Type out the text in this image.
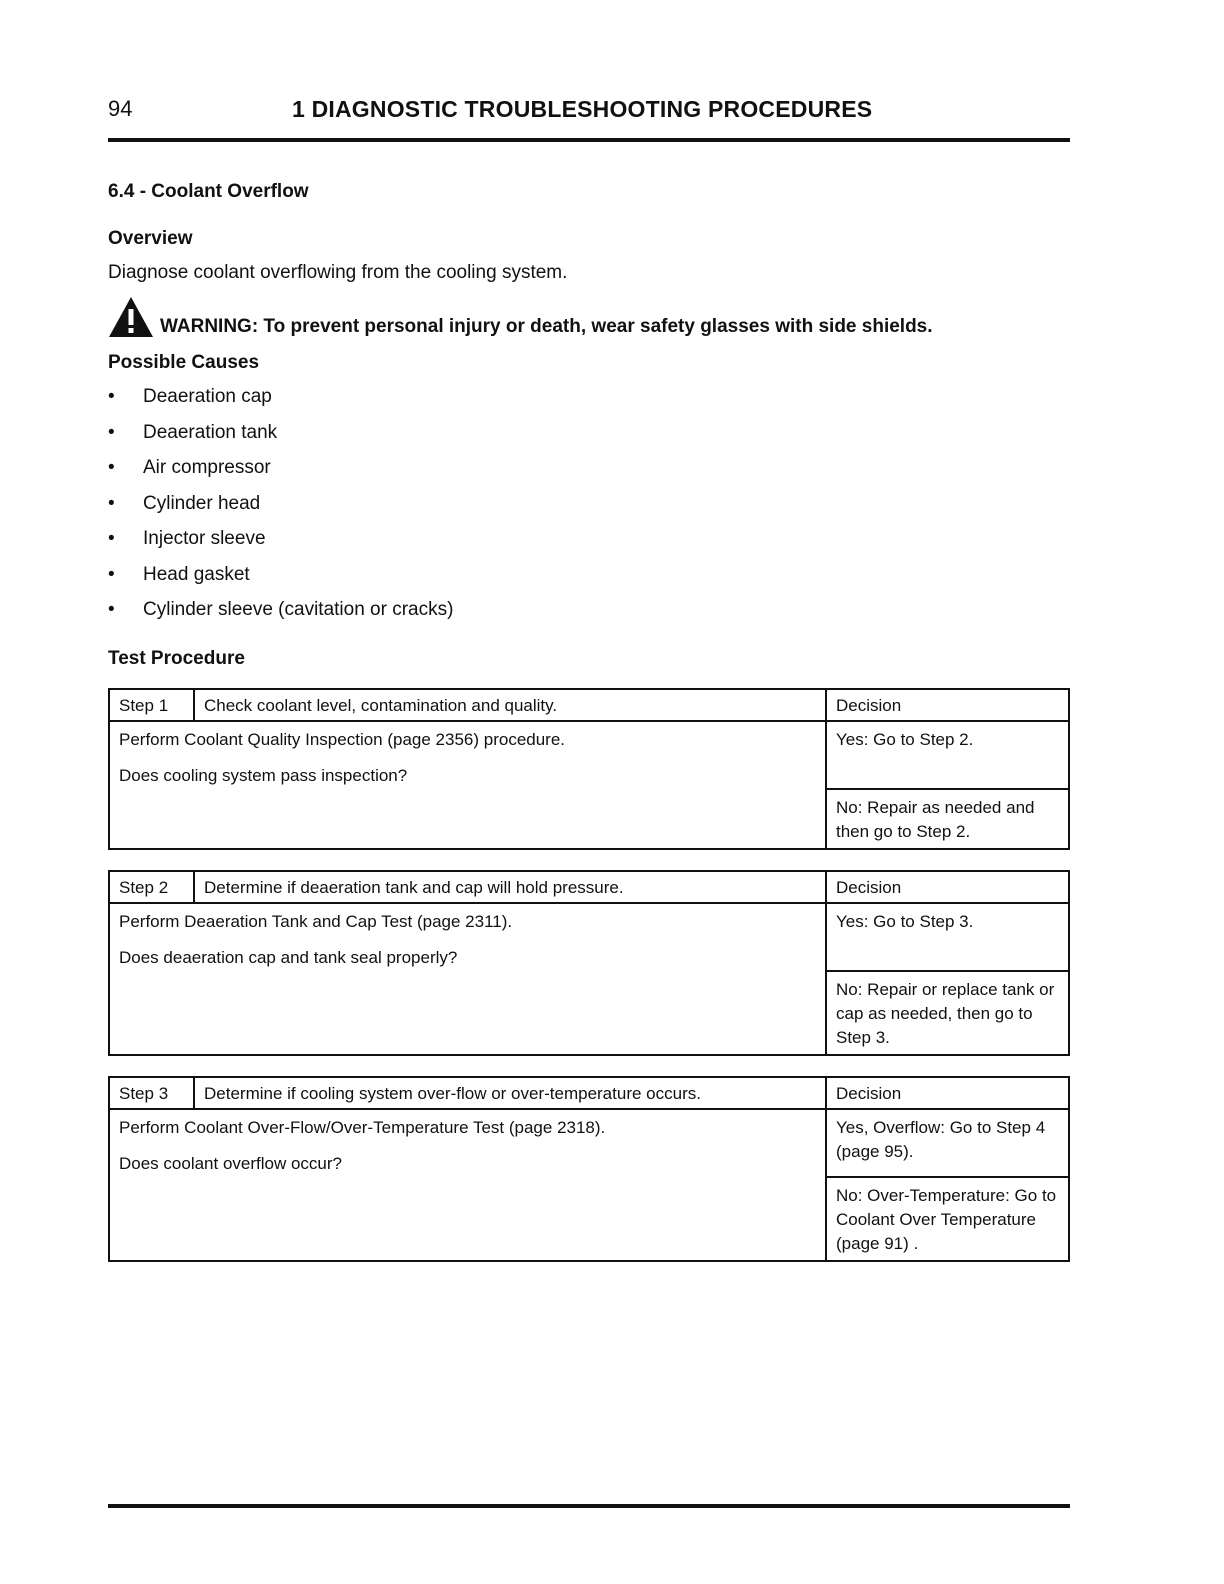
94	1 DIAGNOSTIC TROUBLESHOOTING PROCEDURES
6.4 - Coolant Overflow
Overview
Diagnose coolant overflowing from the cooling system.
WARNING: To prevent personal injury or death, wear safety glasses with side shields.
Possible Causes
• Deaeration cap
• Deaeration tank
• Air compressor
• Cylinder head
• Injector sleeve
• Head gasket
• Cylinder sleeve (cavitation or cracks)
Test Procedure
Step 1	Check coolant level, contamination and quality.	Decision

Perform Coolant Quality Inspection (page 2356) procedure.

Does cooling system pass inspection?		Yes: Go to Step 2.

		No: Repair as needed and then go to Step 2.
Step 2	Determine if deaeration tank and cap will hold pressure.	Decision

Perform Deaeration Tank and Cap Test (page 2311).

Does deaeration cap and tank seal properly?		Yes: Go to Step 3.

		No: Repair or replace tank or cap as needed, then go to Step 3.
Step 3	Determine if cooling system over-flow or over-temperature occurs.	Decision

Perform Coolant Over-Flow/Over-Temperature Test (page 2318).

Does coolant overflow occur?		Yes, Overflow: Go to Step 4 (page 95).

		No: Over-Temperature: Go to Coolant Over Temperature (page 91) .
